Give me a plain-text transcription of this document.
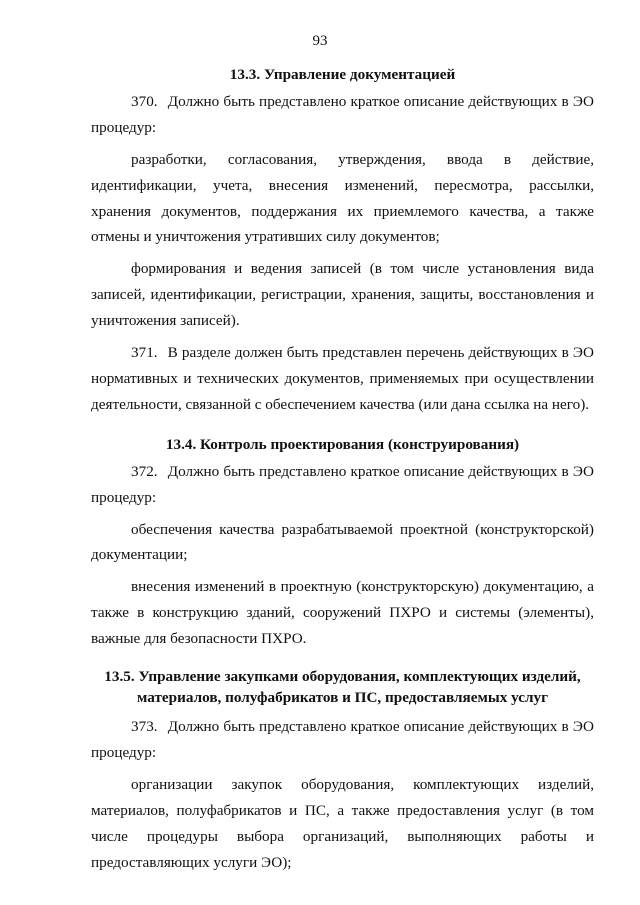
93
13.3. Управление документацией

370. Должно быть представлено краткое описание действующих в ЭО процедур:

разработки, согласования, утверждения, ввода в действие, идентификации, учета, внесения изменений, пересмотра, рассылки, хранения документов, поддержания их приемлемого качества, а также отмены и уничтожения утративших силу документов;

формирования и ведения записей (в том числе установления вида записей, идентификации, регистрации, хранения, защиты, восстановления и уничтожения записей).

371. В разделе должен быть представлен перечень действующих в ЭО нормативных и технических документов, применяемых при осуществлении деятельности, связанной с обеспечением качества (или дана ссылка на него).

13.4. Контроль проектирования (конструирования)

372. Должно быть представлено краткое описание действующих в ЭО процедур:

обеспечения качества разрабатываемой проектной (конструкторской) документации;

внесения изменений в проектную (конструкторскую) документацию, а также в конструкцию зданий, сооружений ПХРО и системы (элементы), важные для безопасности ПХРО.

13.5. Управление закупками оборудования, комплектующих изделий,
материалов, полуфабрикатов и ПС, предоставляемых услуг

373. Должно быть представлено краткое описание действующих в ЭО процедур:

организации закупок оборудования, комплектующих изделий, материалов, полуфабрикатов и ПС, а также предоставления услуг (в том числе процедуры выбора организаций, выполняющих работы и предоставляющих услуги ЭО);
